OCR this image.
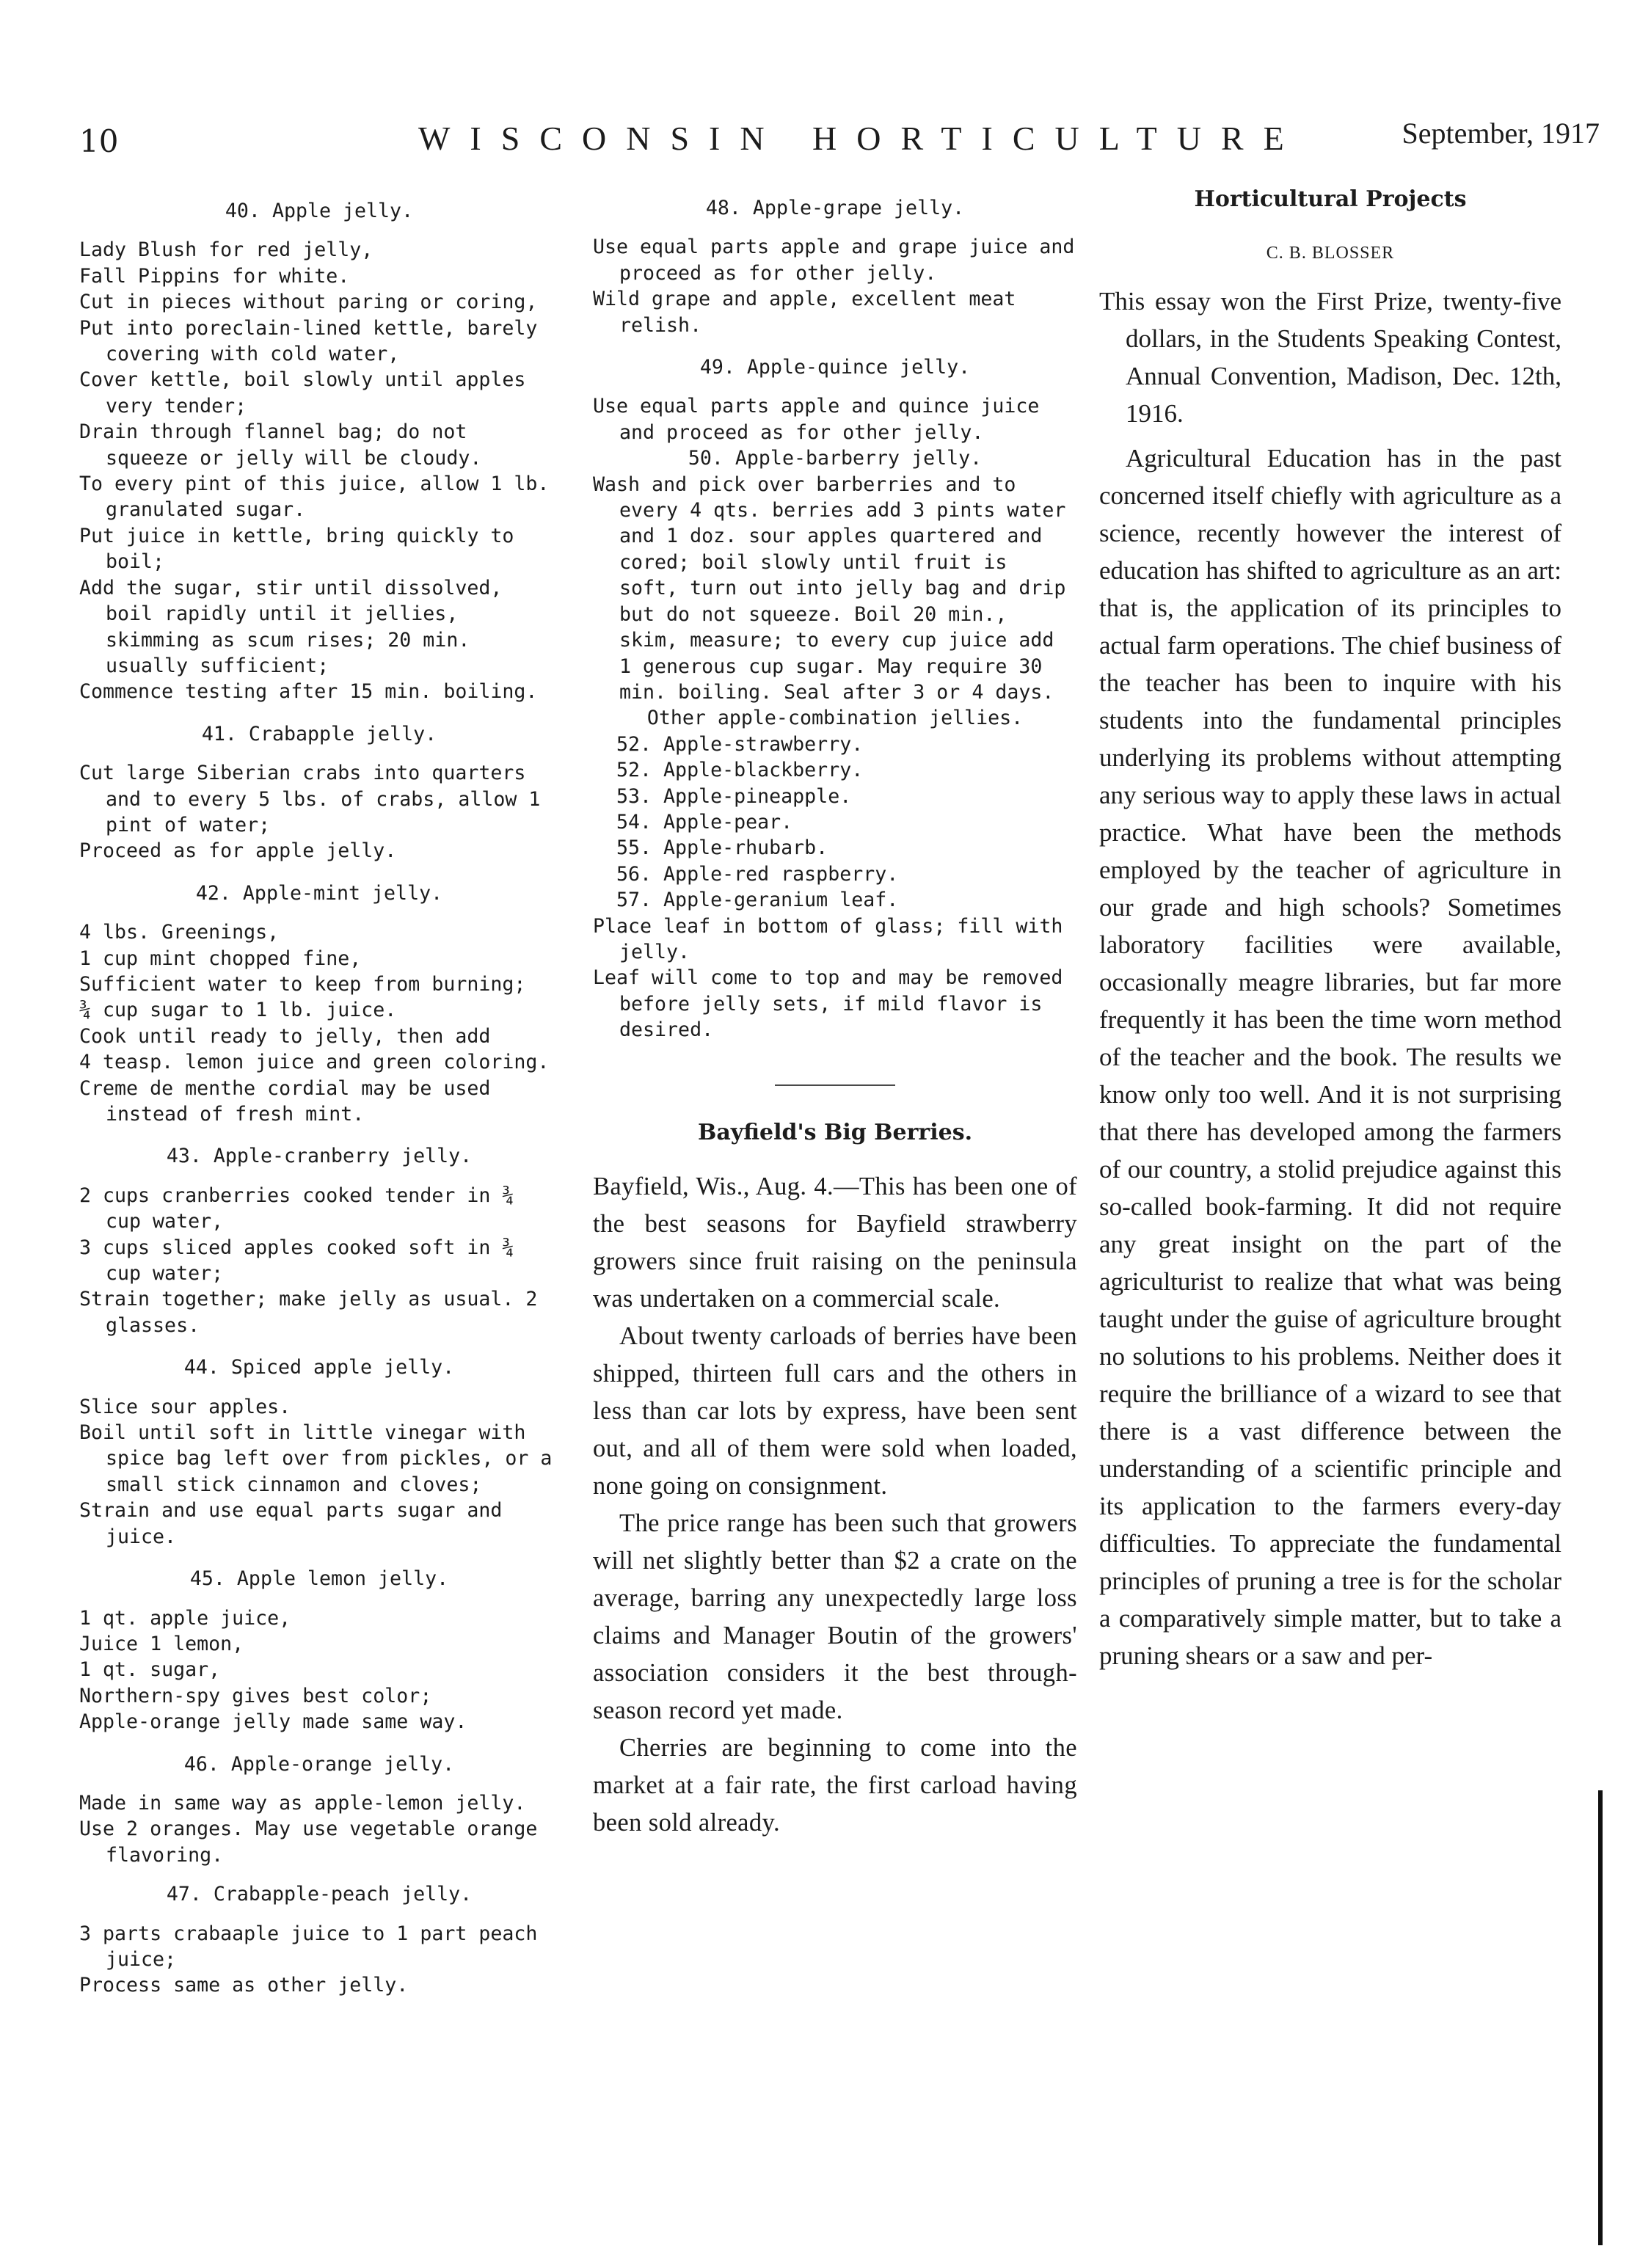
10	WISCONSIN HORTICULTURE	September, 1917

40. Apple jelly.

Lady Blush for red jelly,

Fall Pippins for white.

Cut in pieces without paring or coring,

Put into poreclain-lined kettle, barely covering with cold water,

Cover kettle, boil slowly until apples very tender;

Drain through flannel bag; do not squeeze or jelly will be cloudy.

To every pint of this juice, allow 1 lb. granulated sugar.

Put juice in kettle, bring quickly to boil;

Add the sugar, stir until dissolved, boil rapidly until it jellies, skimming as scum rises; 20 min. usually sufficient;

Commence testing after 15 min. boiling.

41. Crabapple jelly.

Cut large Siberian crabs into quarters and to every 5 lbs. of crabs, allow 1 pint of water;

Proceed as for apple jelly.

42. Apple-mint jelly.

4 lbs. Greenings,

1 cup mint chopped fine,

Sufficient water to keep from burning;

¾ cup sugar to 1 lb. juice.

Cook until ready to jelly, then add

4 teasp. lemon juice and green coloring.

Creme de menthe cordial may be used instead of fresh mint.

43. Apple-cranberry jelly.

2 cups cranberries cooked tender in ¾ cup water,

3 cups sliced apples cooked soft in ¾ cup water;

Strain together; make jelly as usual. 2 glasses.

44. Spiced apple jelly.

Slice sour apples.

Boil until soft in little vinegar with spice bag left over from pickles, or a small stick cinnamon and cloves;

Strain and use equal parts sugar and juice.

45. Apple lemon jelly.

1 qt. apple juice,

Juice 1 lemon,

1 qt. sugar,

Northern-spy gives best color;

Apple-orange jelly made same way.

46. Apple-orange jelly.

Made in same way as apple-lemon jelly.

Use 2 oranges. May use vegetable orange flavoring.

47. Crabapple-peach jelly.

3 parts crabaaple juice to 1 part peach juice;

Process same as other jelly.

48. Apple-grape jelly.

Use equal parts apple and grape juice and proceed as for other jelly.

Wild grape and apple, excellent meat relish.

49. Apple-quince jelly.

Use equal parts apple and quince juice and proceed as for other jelly.

50. Apple-barberry jelly.

Wash and pick over barberries and to every 4 qts. berries add 3 pints water and 1 doz. sour apples quartered and cored; boil slowly until fruit is soft, turn out into jelly bag and drip but do not squeeze. Boil 20 min., skim, measure; to every cup juice add 1 generous cup sugar. May require 30 min. boiling. Seal after 3 or 4 days.

Other apple-combination jellies.

52. Apple-strawberry.

52. Apple-blackberry.

53. Apple-pineapple.

54. Apple-pear.

55. Apple-rhubarb.

56. Apple-red raspberry.

57. Apple-geranium leaf.

Place leaf in bottom of glass; fill with jelly.

Leaf will come to top and may be removed before jelly sets, if mild flavor is desired.

Bayfield's Big Berries.

Bayfield, Wis., Aug. 4.—This has been one of the best seasons for Bayfield strawberry growers since fruit raising on the peninsula was undertaken on a commercial scale.

About twenty carloads of berries have been shipped, thirteen full cars and the others in less than car lots by express, have been sent out, and all of them were sold when loaded, none going on consignment.

The price range has been such that growers will net slightly better than $2 a crate on the average, barring any unexpectedly large loss claims and Manager Boutin of the growers' association considers it the best through-season record yet made.

Cherries are beginning to come into the market at a fair rate, the first carload having been sold already.

Horticultural Projects

C. B. BLOSSER

This essay won the First Prize, twenty-five dollars, in the Students Speaking Contest, Annual Convention, Madison, Dec. 12th, 1916.

Agricultural Education has in the past concerned itself chiefly with agriculture as a science, recently however the interest of education has shifted to agriculture as an art: that is, the application of its principles to actual farm operations. The chief business of the teacher has been to inquire with his students into the fundamental principles underlying its problems without attempting any serious way to apply these laws in actual practice. What have been the methods employed by the teacher of agriculture in our grade and high schools? Sometimes laboratory facilities were available, occasionally meagre libraries, but far more frequently it has been the time worn method of the teacher and the book. The results we know only too well. And it is not surprising that there has developed among the farmers of our country, a stolid prejudice against this so-called book-farming. It did not require any great insight on the part of the agriculturist to realize that what was being taught under the guise of agriculture brought no solutions to his problems. Neither does it require the brilliance of a wizard to see that there is a vast difference between the understanding of a scientific principle and its application to the farmers every-day difficulties. To appreciate the fundamental principles of pruning a tree is for the scholar a comparatively simple matter, but to take a pruning shears or a saw and per-
